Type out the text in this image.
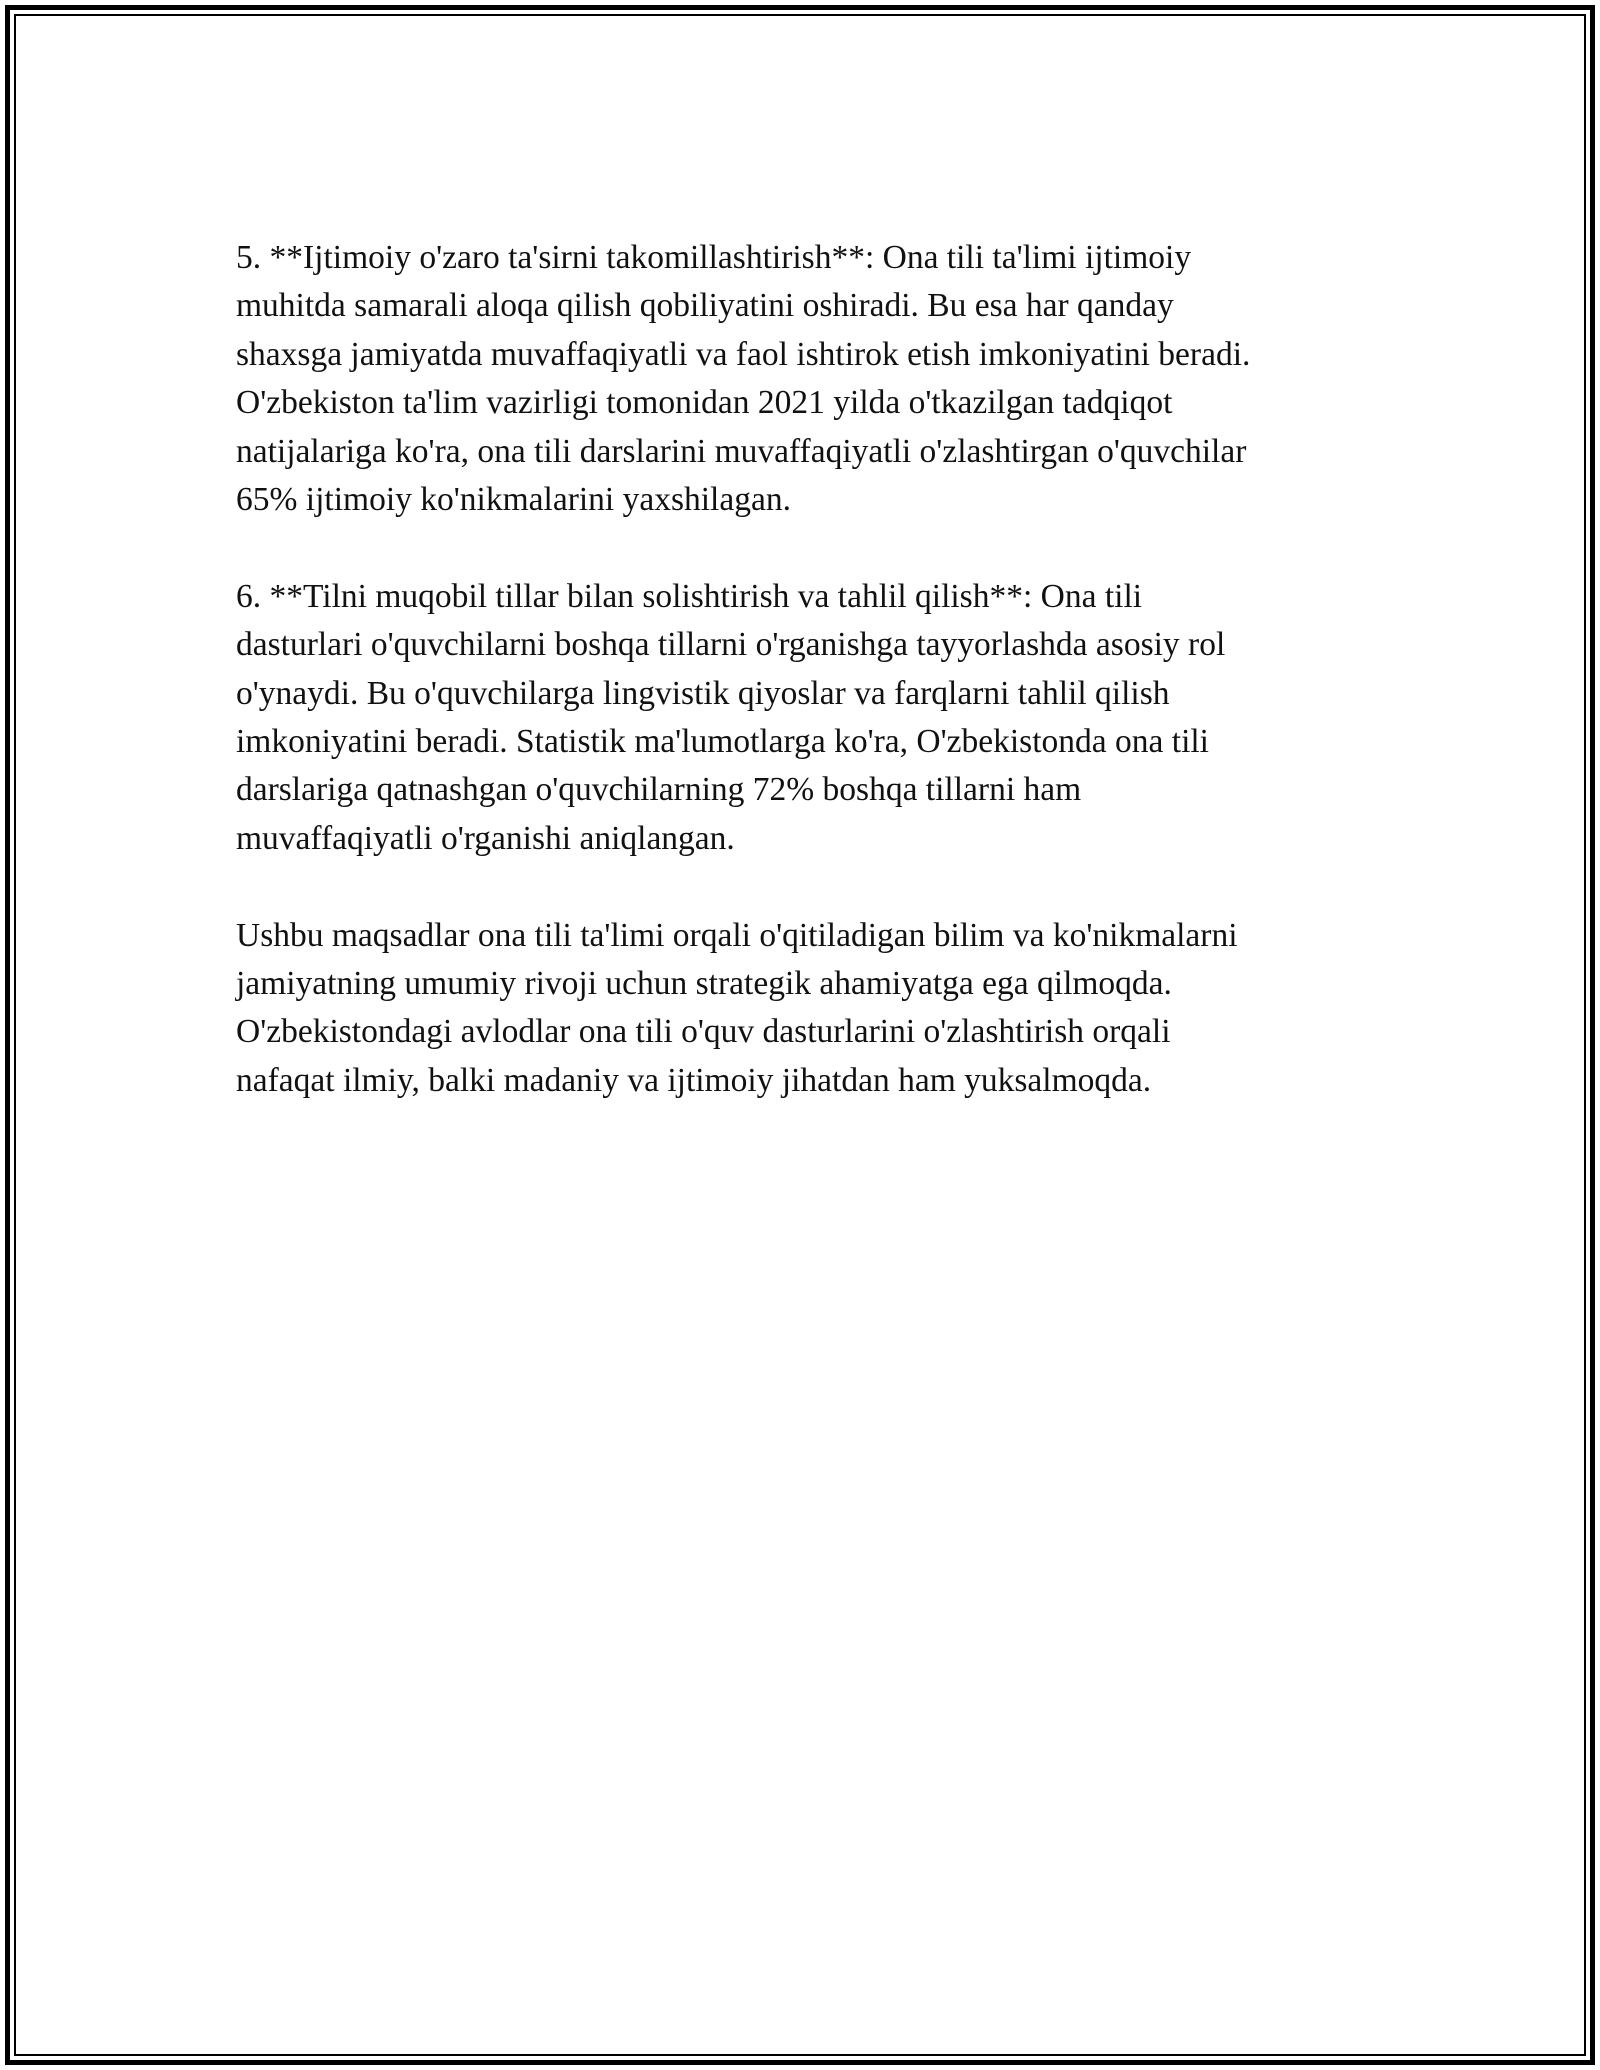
5. **Ijtimoiy o'zaro ta'sirni takomillashtirish**: Ona tili ta'limi ijtimoiy
muhitda samarali aloqa qilish qobiliyatini oshiradi. Bu esa har qanday
shaxsga jamiyatda muvaffaqiyatli va faol ishtirok etish imkoniyatini beradi.
O'zbekiston ta'lim vazirligi tomonidan 2021 yilda o'tkazilgan tadqiqot
natijalariga ko'ra, ona tili darslarini muvaffaqiyatli o'zlashtirgan o'quvchilar
65% ijtimoiy ko'nikmalarini yaxshilagan.

6. **Tilni muqobil tillar bilan solishtirish va tahlil qilish**: Ona tili
dasturlari o'quvchilarni boshqa tillarni o'rganishga tayyorlashda asosiy rol
o'ynaydi. Bu o'quvchilarga lingvistik qiyoslar va farqlarni tahlil qilish
imkoniyatini beradi. Statistik ma'lumotlarga ko'ra, O'zbekistonda ona tili
darslariga qatnashgan o'quvchilarning 72% boshqa tillarni ham
muvaffaqiyatli o'rganishi aniqlangan.

Ushbu maqsadlar ona tili ta'limi orqali o'qitiladigan bilim va ko'nikmalarni
jamiyatning umumiy rivoji uchun strategik ahamiyatga ega qilmoqda.
O'zbekistondagi avlodlar ona tili o'quv dasturlarini o'zlashtirish orqali
nafaqat ilmiy, balki madaniy va ijtimoiy jihatdan ham yuksalmoqda.
